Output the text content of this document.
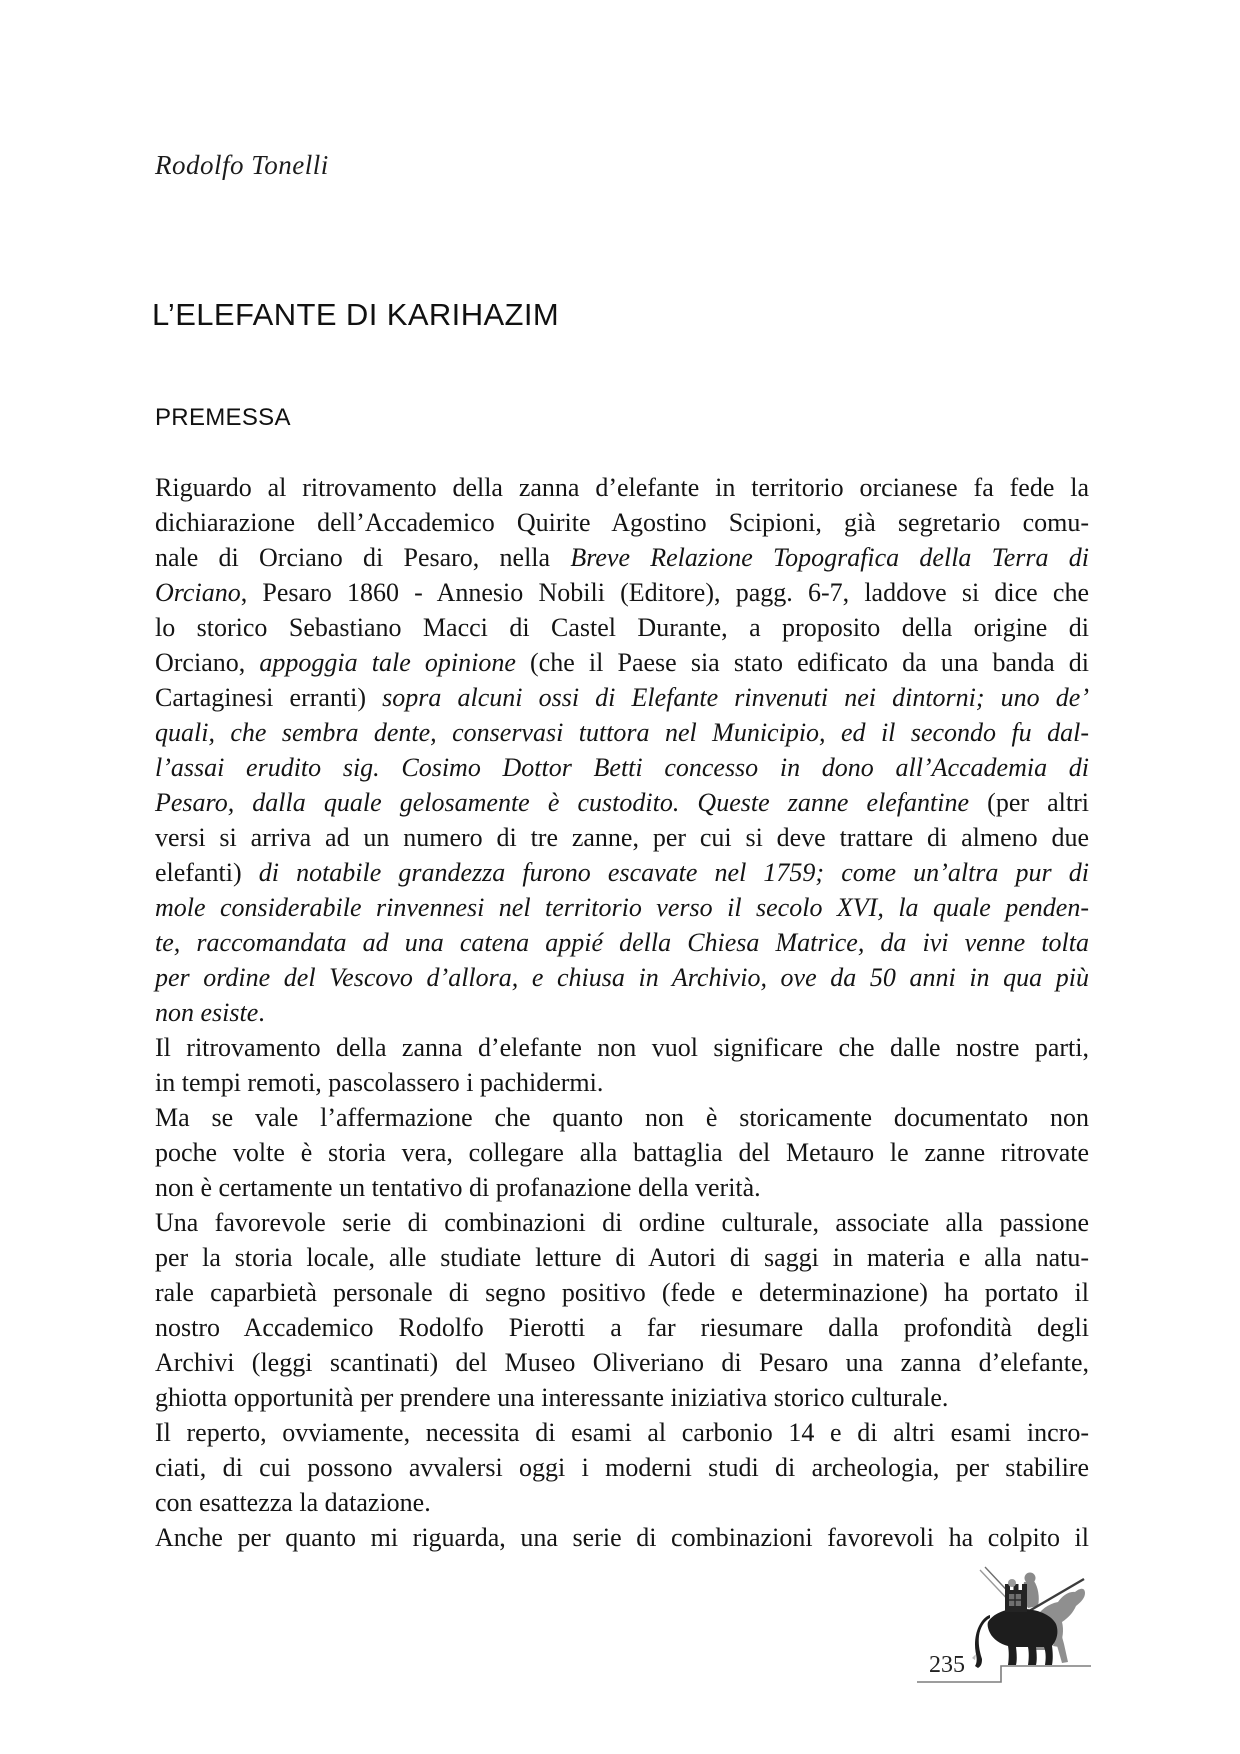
Rodolfo Tonelli
L’ELEFANTE DI KARIHAZIM
PREMESSA
Riguardo al ritrovamento della zanna d’elefante in territorio orcianese fa fede la
dichiarazione dell’Accademico Quirite Agostino Scipioni, già segretario comu-
nale di Orciano di Pesaro, nella Breve Relazione Topografica della Terra di
Orciano, Pesaro 1860 - Annesio Nobili (Editore), pagg. 6-7, laddove si dice che
lo storico Sebastiano Macci di Castel Durante, a proposito della origine di
Orciano, appoggia tale opinione (che il Paese sia stato edificato da una banda di
Cartaginesi erranti) sopra alcuni ossi di Elefante rinvenuti nei dintorni; uno de’
quali, che sembra dente, conservasi tuttora nel Municipio, ed il secondo fu dal-
l’assai erudito sig. Cosimo Dottor Betti concesso in dono all’Accademia di
Pesaro, dalla quale gelosamente è custodito. Queste zanne elefantine (per altri
versi si arriva ad un numero di tre zanne, per cui si deve trattare di almeno due
elefanti) di notabile grandezza furono escavate nel 1759; come un’altra pur di
mole considerabile rinvennesi nel territorio verso il secolo XVI, la quale penden-
te, raccomandata ad una catena appié della Chiesa Matrice, da ivi venne tolta
per ordine del Vescovo d’allora, e chiusa in Archivio, ove da 50 anni in qua più
non esiste.
Il ritrovamento della zanna d’elefante non vuol significare che dalle nostre parti,
in tempi remoti, pascolassero i pachidermi.
Ma se vale l’affermazione che quanto non è storicamente documentato non
poche volte è storia vera, collegare alla battaglia del Metauro le zanne ritrovate
non è certamente un tentativo di profanazione della verità.
Una favorevole serie di combinazioni di ordine culturale, associate alla passione
per la storia locale, alle studiate letture di Autori di saggi in materia e alla natu-
rale caparbietà personale di segno positivo (fede e determinazione) ha portato il
nostro Accademico Rodolfo Pierotti a far riesumare dalla profondità degli
Archivi (leggi scantinati) del Museo Oliveriano di Pesaro una zanna d’elefante,
ghiotta opportunità per prendere una interessante iniziativa storico culturale.
Il reperto, ovviamente, necessita di esami al carbonio 14 e di altri esami incro-
ciati, di cui possono avvalersi oggi i moderni studi di archeologia, per stabilire
con esattezza la datazione.
Anche per quanto mi riguarda, una serie di combinazioni favorevoli ha colpito il
235
